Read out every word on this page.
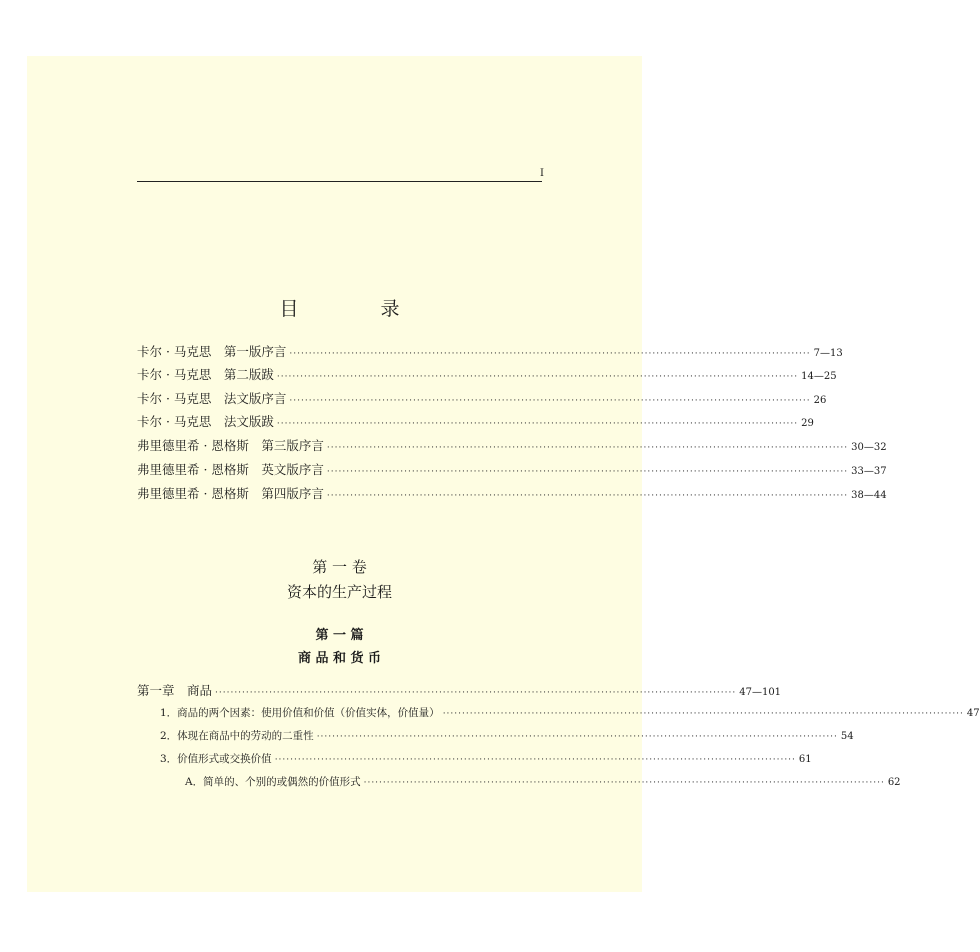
I
目 录
卡尔 · 马克思　第一版序言 ······································································································································· 7—13
卡尔 · 马克思　第二版跋 ······································································································································· 14—25
卡尔 · 马克思　法文版序言 ······································································································································· 26
卡尔 · 马克思　法文版跋 ······································································································································· 29
弗里德里希 · 恩格斯　第三版序言 ······································································································································· 30—32
弗里德里希 · 恩格斯　英文版序言 ······································································································································· 33—37
弗里德里希 · 恩格斯　第四版序言 ······································································································································· 38—44
第 一 卷
资本的生产过程
第 一 篇
商 品 和 货 币
第一章　商品 ······································································································································· 47—101
1．商品的两个因素：使用价值和价值（价值实体，价值量） ······································································································································· 47
2．体现在商品中的劳动的二重性 ······································································································································· 54
3．价值形式或交换价值 ······································································································································· 61
A．简单的、个别的或偶然的价值形式 ······································································································································· 62
